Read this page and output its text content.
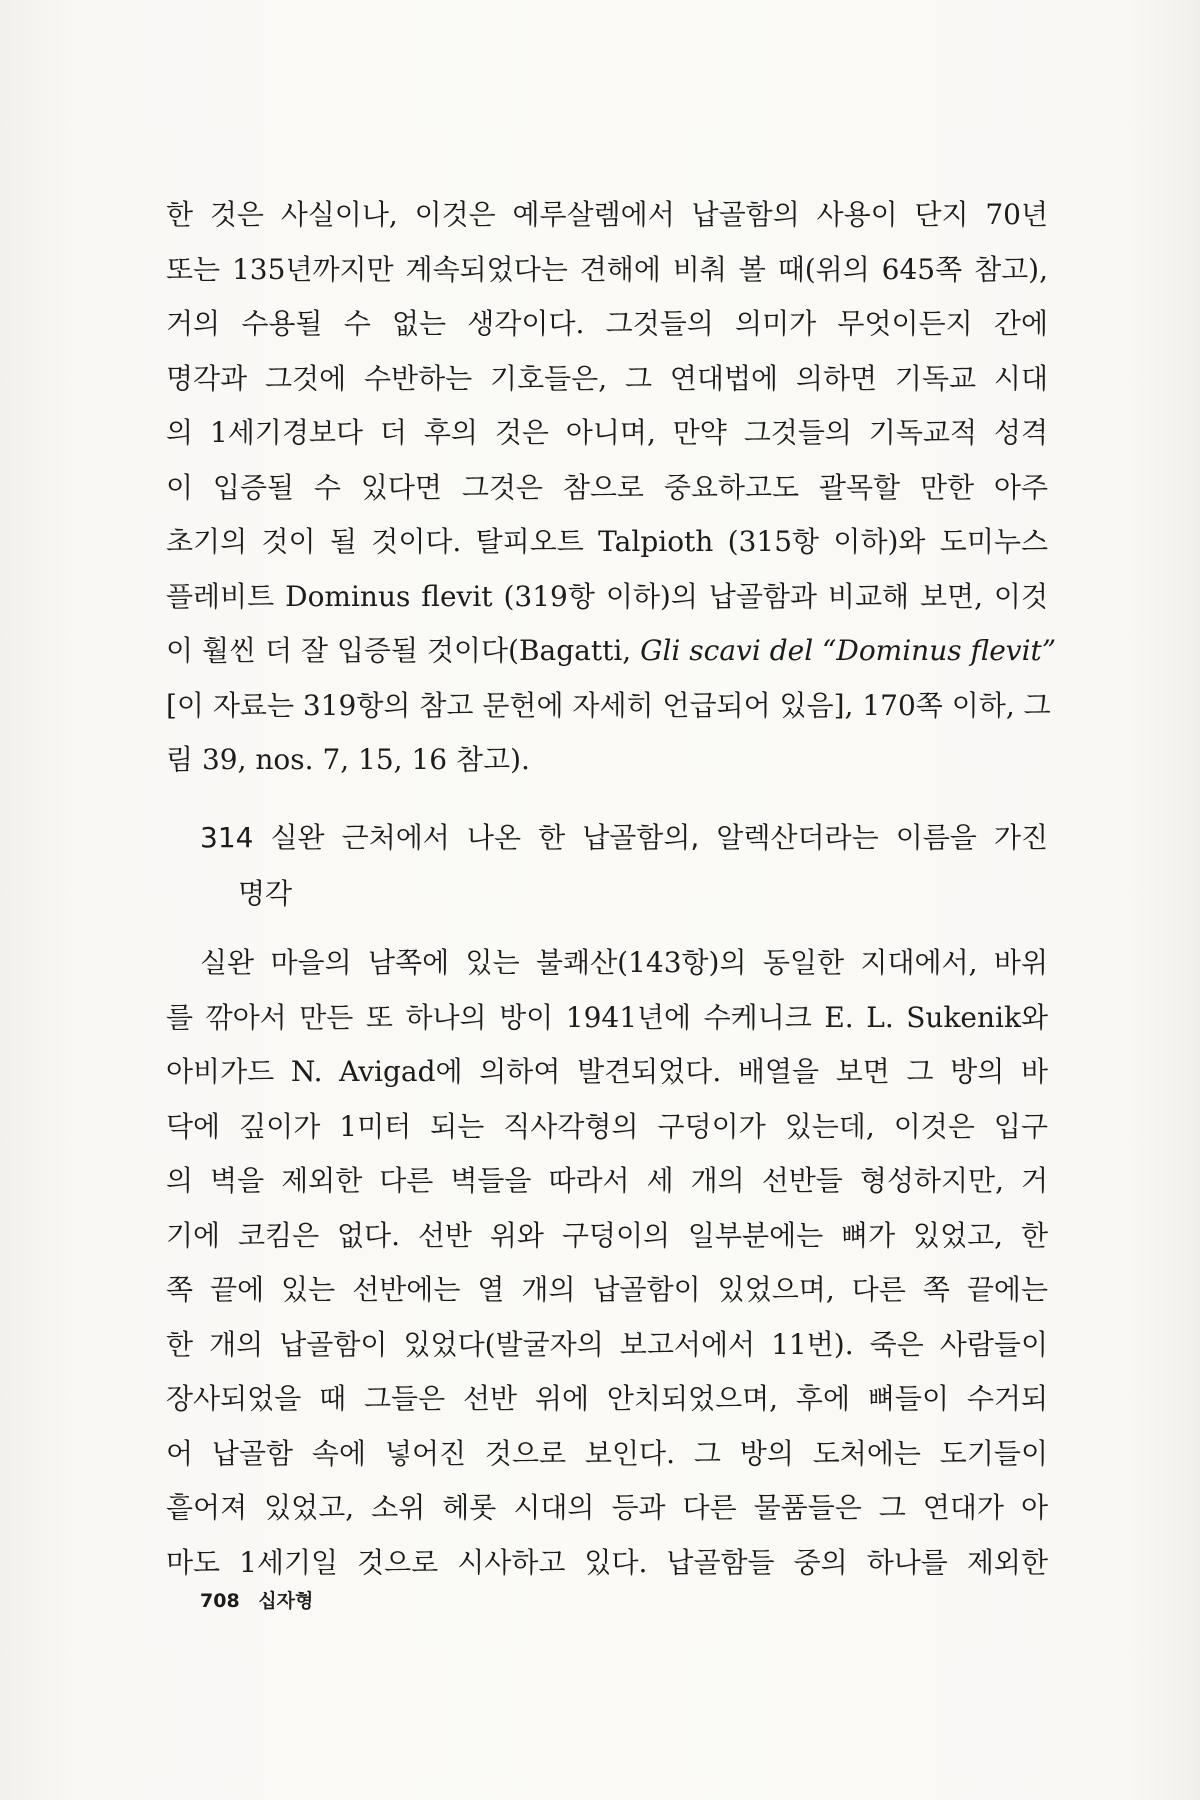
한 것은 사실이나, 이것은 예루살렘에서 납골함의 사용이 단지 70년
또는 135년까지만 계속되었다는 견해에 비춰 볼 때(위의 645쪽 참고),
거의 수용될 수 없는 생각이다. 그것들의 의미가 무엇이든지 간에
명각과 그것에 수반하는 기호들은, 그 연대법에 의하면 기독교 시대
의 1세기경보다 더 후의 것은 아니며, 만약 그것들의 기독교적 성격
이 입증될 수 있다면 그것은 참으로 중요하고도 괄목할 만한 아주
초기의 것이 될 것이다. 탈피오트 Talpioth (315항 이하)와 도미누스
플레비트 Dominus flevit (319항 이하)의 납골함과 비교해 보면, 이것
이 훨씬 더 잘 입증될 것이다(Bagatti, Gli scavi del “Dominus flevit”
[이 자료는 319항의 참고 문헌에 자세히 언급되어 있음], 170쪽 이하, 그
림 39, nos. 7, 15, 16 참고).
314 실완 근처에서 나온 한 납골함의, 알렉산더라는 이름을 가진
명각
실완 마을의 남쪽에 있는 불쾌산(143항)의 동일한 지대에서, 바위
를 깎아서 만든 또 하나의 방이 1941년에 수케니크 E. L. Sukenik와
아비가드 N. Avigad에 의하여 발견되었다. 배열을 보면 그 방의 바
닥에 깊이가 1미터 되는 직사각형의 구덩이가 있는데, 이것은 입구
의 벽을 제외한 다른 벽들을 따라서 세 개의 선반들 형성하지만, 거
기에 코킴은 없다. 선반 위와 구덩이의 일부분에는 뼈가 있었고, 한
쪽 끝에 있는 선반에는 열 개의 납골함이 있었으며, 다른 쪽 끝에는
한 개의 납골함이 있었다(발굴자의 보고서에서 11번). 죽은 사람들이
장사되었을 때 그들은 선반 위에 안치되었으며, 후에 뼈들이 수거되
어 납골함 속에 넣어진 것으로 보인다. 그 방의 도처에는 도기들이
흩어져 있었고, 소위 헤롯 시대의 등과 다른 물품들은 그 연대가 아
마도 1세기일 것으로 시사하고 있다. 납골함들 중의 하나를 제외한
708 십자형
